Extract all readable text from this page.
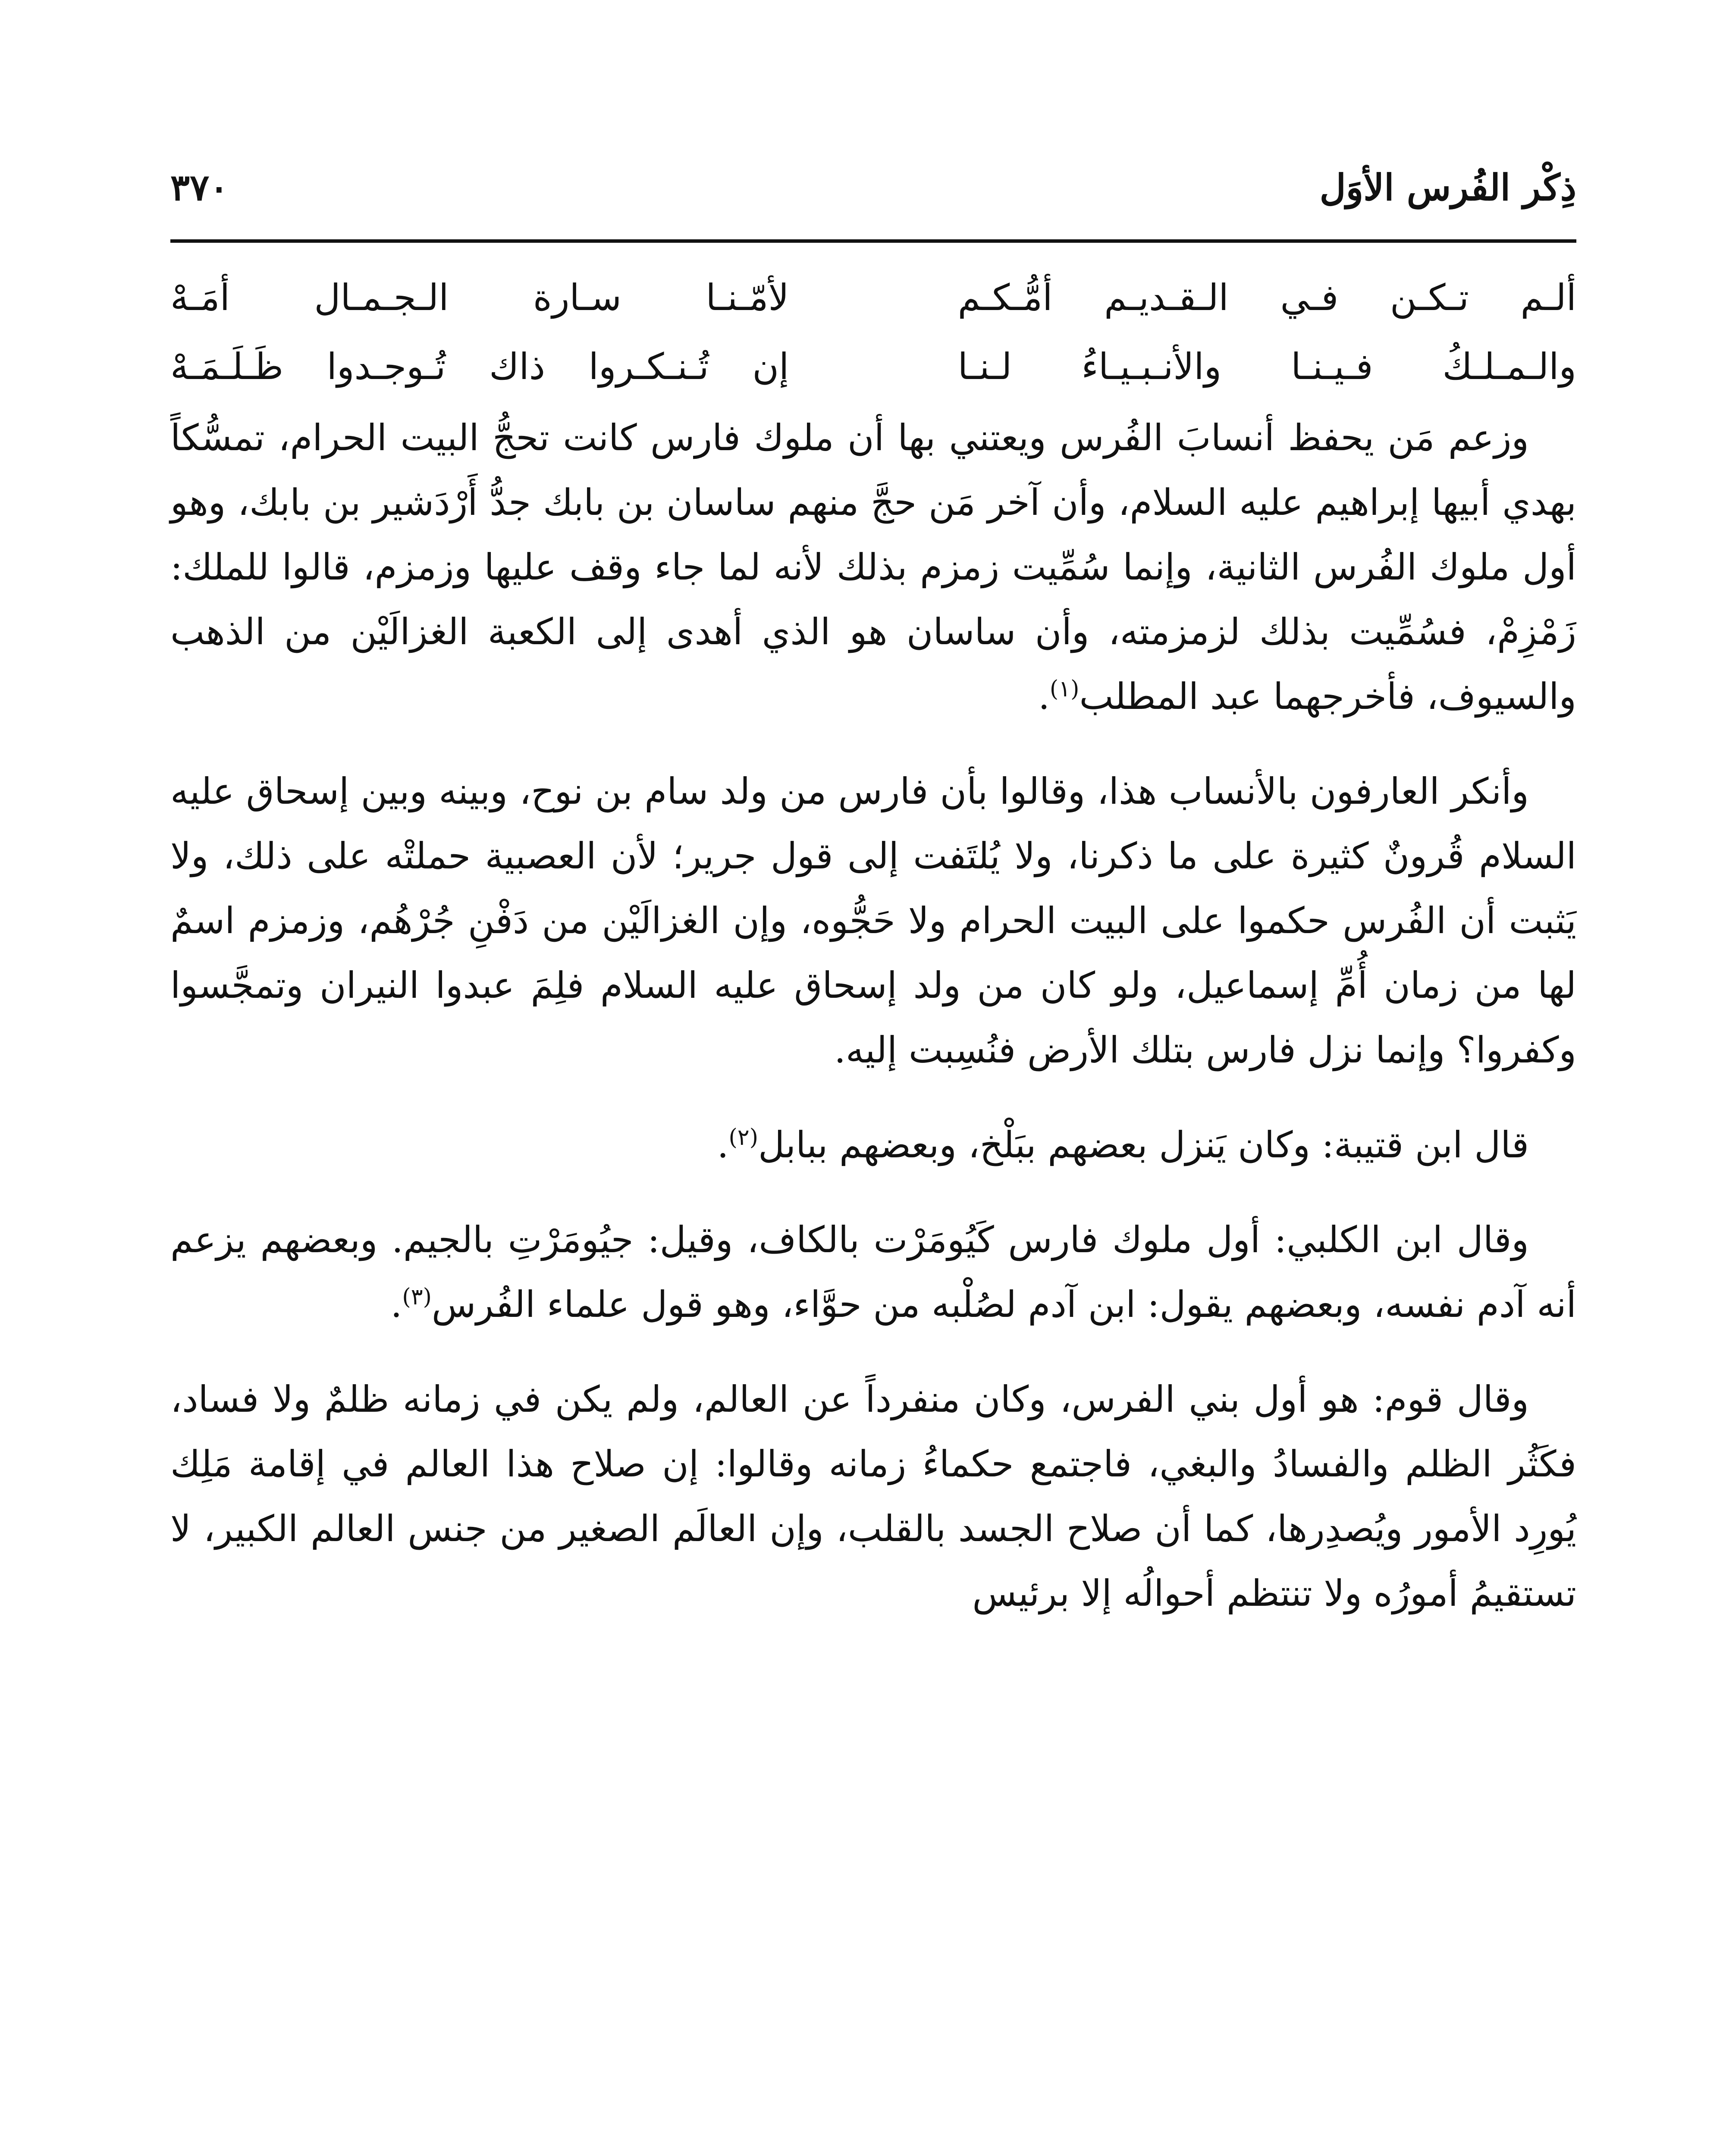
ذِكْر الفُرس الأوَل
٣٧٠
ألـم تـكـن فـي الـقـديـم أمُّـكـم
لأمّـنـا سـارة الـجـمـال أمَـهْ
والـمـلـكُ فـيـنـا والأنـبـيـاءُ لـنـا
إن تُـنـكـروا ذاك تُـوجـدوا ظَـلَـمَـهْ

وزعم مَن يحفظ أنسابَ الفُرس ويعتني بها أن ملوك فارس كانت تحجُّ البيت الحرام، تمسُّكاً بهدي أبيها إبراهيم عليه السلام، وأن آخر مَن حجَّ منهم ساسان بن بابك جدُّ أَرْدَشير بن بابك، وهو أول ملوك الفُرس الثانية، وإنما سُمِّيت زمزم بذلك لأنه لما جاء وقف عليها وزمزم، قالوا للملك: زَمْزِمْ، فسُمِّيت بذلك لزمزمته، وأن ساسان هو الذي أهدى إلى الكعبة الغزالَيْن من الذهب والسيوف، فأخرجهما عبد المطلب$^{(١)}$.

وأنكر العارفون بالأنساب هذا، وقالوا بأن فارس من ولد سام بن نوح، وبينه وبين إسحاق عليه السلام قُرونٌ كثيرة على ما ذكرنا، ولا يُلتَفت إلى قول جرير؛ لأن العصبية حملتْه على ذلك، ولا يَثبت أن الفُرس حكموا على البيت الحرام ولا حَجُّوه، وإن الغزالَيْن من دَفْنِ جُرْهُم، وزمزم اسمٌ لها من زمان أُمِّ إسماعيل، ولو كان من ولد إسحاق عليه السلام فلِمَ عبدوا النيران وتمجَّسوا وكفروا؟ وإنما نزل فارس بتلك الأرض فنُسِبت إليه.

قال ابن قتيبة: وكان يَنزل بعضهم ببَلْخ، وبعضهم ببابل$^{(٢)}$.

وقال ابن الكلبي: أول ملوك فارس كَيُومَرْت بالكاف، وقيل: جيُومَرْتِ بالجيم. وبعضهم يزعم أنه آدم نفسه، وبعضهم يقول: ابن آدم لصُلْبه من حوَّاء، وهو قول علماء الفُرس$^{(٣)}$.

وقال قوم: هو أول بني الفرس، وكان منفرداً عن العالم، ولم يكن في زمانه ظلمٌ ولا فساد، فكَثُر الظلم والفسادُ والبغي، فاجتمع حكماءُ زمانه وقالوا: إن صلاح هذا العالم في إقامة مَلِك يُورِد الأمور ويُصدِرها، كما أن صلاح الجسد بالقلب، وإن العالَم الصغير من جنس العالم الكبير، لا تستقيمُ أمورُه ولا تنتظم أحوالُه إلا برئيس
